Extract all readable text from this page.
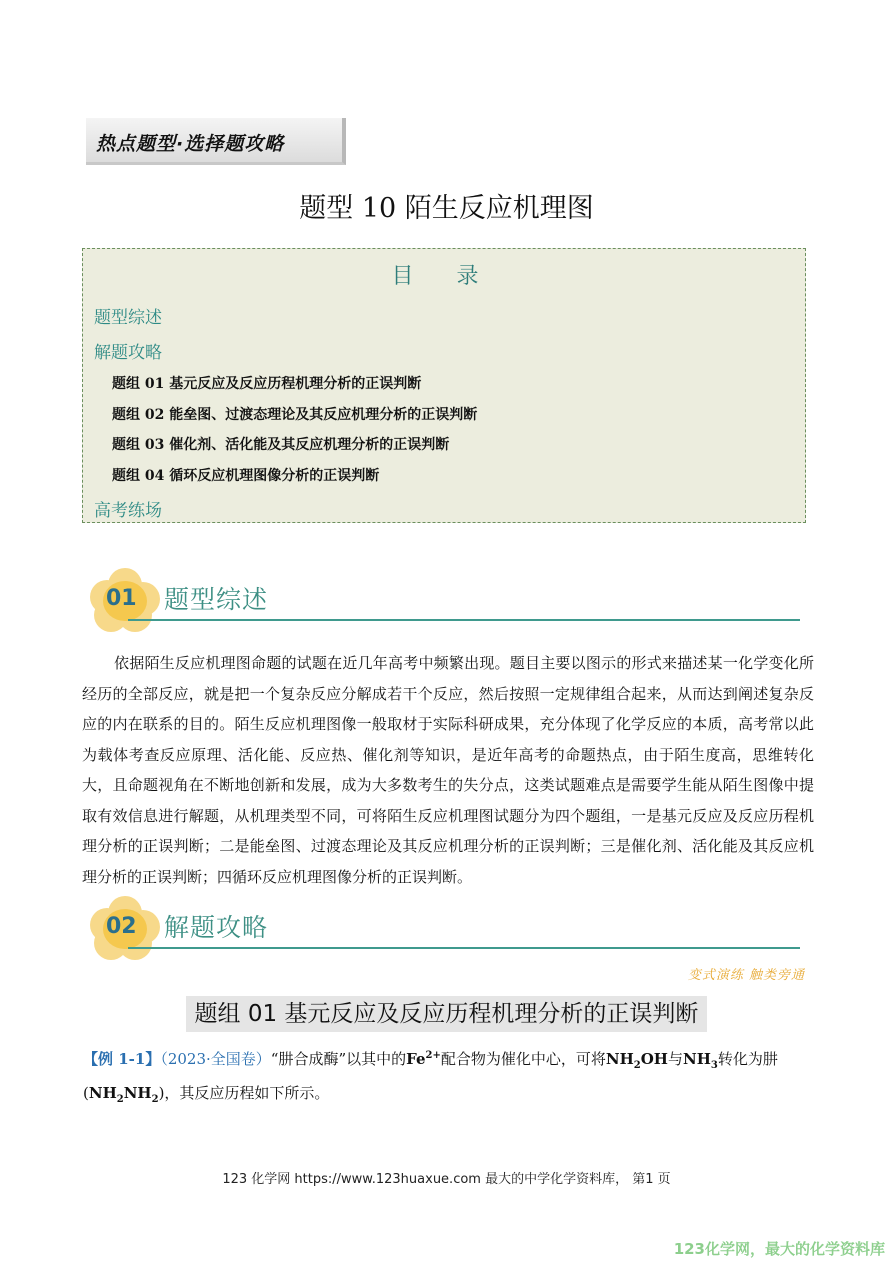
热点题型·选择题攻略
题型 10 陌生反应机理图
目 录
题型综述
解题攻略
题组 01 基元反应及反应历程机理分析的正误判断
题组 02 能垒图、过渡态理论及其反应机理分析的正误判断
题组 03 催化剂、活化能及其反应机理分析的正误判断
题组 04 循环反应机理图像分析的正误判断
高考练场
01 题型综述

依据陌生反应机理图命题的试题在近几年高考中频繁出现。题目主要以图示的形式来描述某一化学变化所经历的全部反应，就是把一个复杂反应分解成若干个反应，然后按照一定规律组合起来，从而达到阐述复杂反应的内在联系的目的。陌生反应机理图像一般取材于实际科研成果，充分体现了化学反应的本质，高考常以此为载体考查反应原理、活化能、反应热、催化剂等知识，是近年高考的命题热点，由于陌生度高，思维转化大，且命题视角在不断地创新和发展，成为大多数考生的失分点，这类试题难点是需要学生能从陌生图像中提取有效信息进行解题，从机理类型不同，可将陌生反应机理图试题分为四个题组，一是基元反应及反应历程机理分析的正误判断；二是能垒图、过渡态理论及其反应机理分析的正误判断；三是催化剂、活化能及其反应机理分析的正误判断；四循环反应机理图像分析的正误判断。

02 解题攻略
变式演练 触类旁通
题组 01 基元反应及反应历程机理分析的正误判断
【例 1-1】（2023·全国卷）“肼合成酶”以其中的$Fe^{2+}$配合物为催化中心，可将$NH_2OH$与$NH_3$转化为肼
$(NH_2NH_2)$，其反应历程如下所示。
123 化学网 https://www.123huaxue.com 最大的中学化学资料库， 第1 页
123化学网，最大的化学资料库
